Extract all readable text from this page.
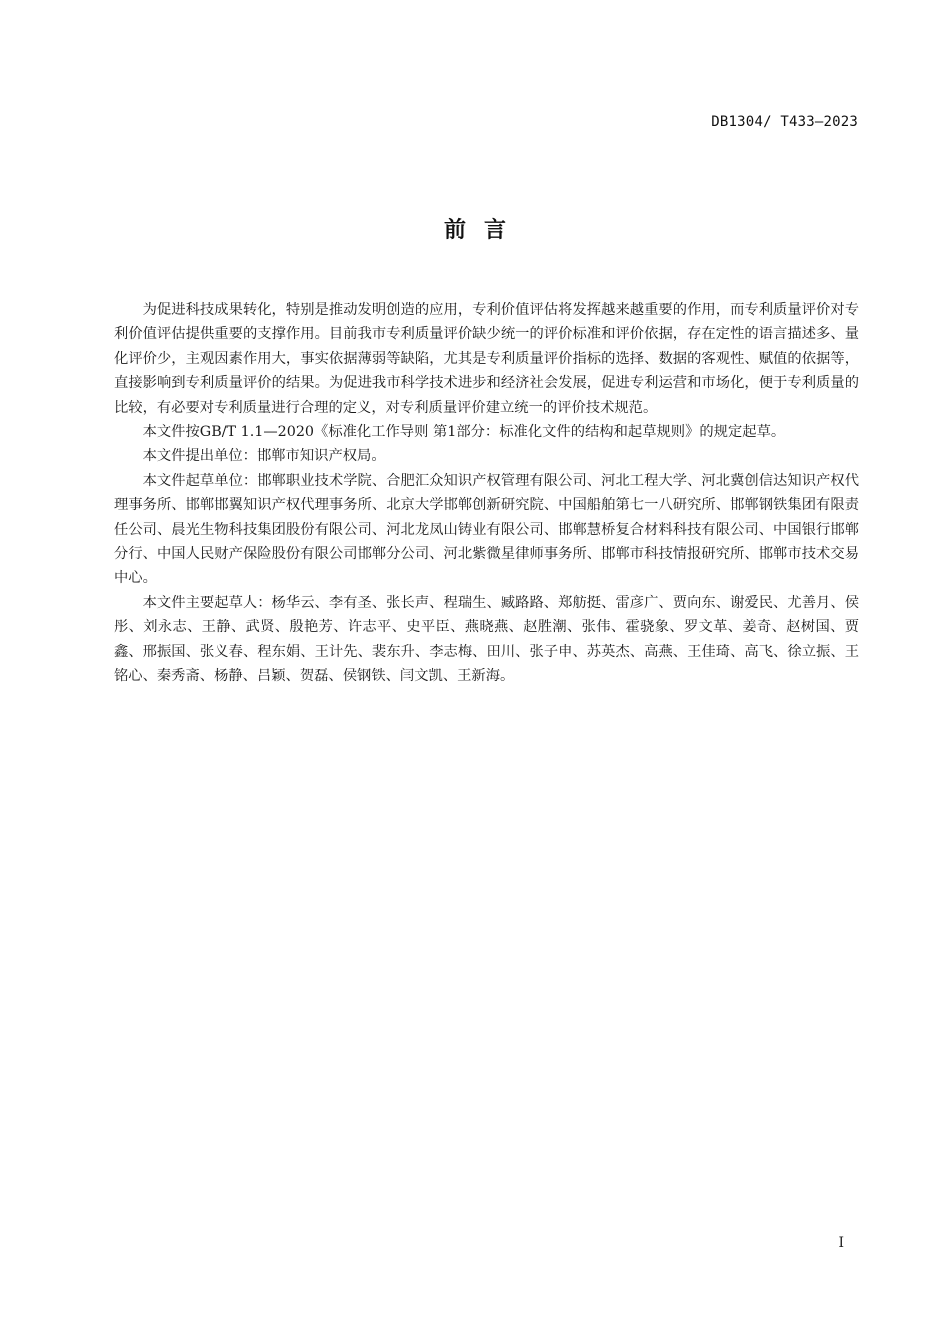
DB1304/ T433—2023
前言

为促进科技成果转化，特别是推动发明创造的应用，专利价值评估将发挥越来越重要的作用，而专利质量评价对专利价值评估提供重要的支撑作用。目前我市专利质量评价缺少统一的评价标准和评价依据，存在定性的语言描述多、量化评价少，主观因素作用大，事实依据薄弱等缺陷，尤其是专利质量评价指标的选择、数据的客观性、赋值的依据等，直接影响到专利质量评价的结果。为促进我市科学技术进步和经济社会发展，促进专利运营和市场化，便于专利质量的比较，有必要对专利质量进行合理的定义，对专利质量评价建立统一的评价技术规范。

本文件按GB/T 1.1—2020《标准化工作导则 第1部分：标准化文件的结构和起草规则》的规定起草。

本文件提出单位：邯郸市知识产权局。

本文件起草单位：邯郸职业技术学院、合肥汇众知识产权管理有限公司、河北工程大学、河北冀创信达知识产权代理事务所、邯郸邯翼知识产权代理事务所、北京大学邯郸创新研究院、中国船舶第七一八研究所、邯郸钢铁集团有限责任公司、晨光生物科技集团股份有限公司、河北龙凤山铸业有限公司、邯郸慧桥复合材料科技有限公司、中国银行邯郸分行、中国人民财产保险股份有限公司邯郸分公司、河北紫微星律师事务所、邯郸市科技情报研究所、邯郸市技术交易中心。

本文件主要起草人：杨华云、李有圣、张长声、程瑞生、臧路路、郑舫挺、雷彦广、贾向东、谢爱民、尤善月、侯彤、刘永志、王静、武贤、殷艳芳、许志平、史平臣、燕晓燕、赵胜潮、张伟、霍骁象、罗文革、姜奇、赵树国、贾鑫、邢振国、张义春、程东娟、王计先、裴东升、李志梅、田川、张子申、苏英杰、高燕、王佳琦、高飞、徐立振、王铭心、秦秀斋、杨静、吕颖、贺磊、侯钢铁、闫文凯、王新海。

I
